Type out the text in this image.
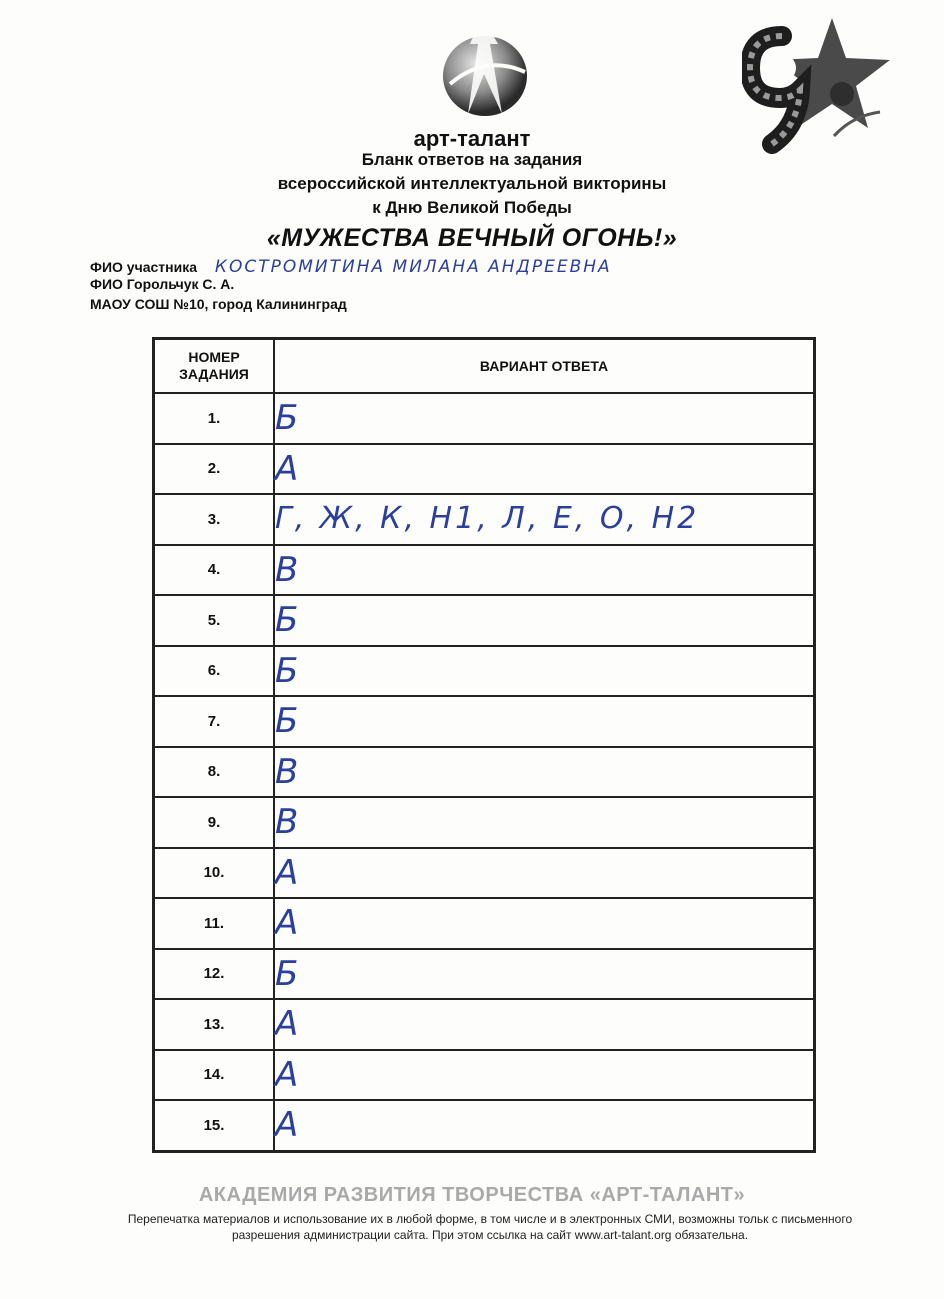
арт-талант
Бланк ответов на задания
всероссийской интеллектуальной викторины
к Дню Великой Победы
«МУЖЕСТВА ВЕЧНЫЙ ОГОНЬ!»
ФИО участника КОСТРОМИТИНА МИЛАНА АНДРЕЕВНА
ФИО Горольчук С. А.
МАОУ СОШ №10, город Калининград
НОМЕР ЗАДАНИЯ	ВАРИАНТ ОТВЕТА
1.	Б
2.	А
3.	Г, Ж, К, Н1, Л, Е, О, Н2
4.	В
5.	Б
6.	Б
7.	Б
8.	В
9.	В
10.	А
11.	А
12.	Б
13.	А
14.	А
15.	А
АКАДЕМИЯ РАЗВИТИЯ ТВОРЧЕСТВА «АРТ-ТАЛАНТ»
Перепечатка материалов и использование их в любой форме, в том числе и в электронных СМИ, возможны тольк с письменного разрешения администрации сайта. При этом ссылка на сайт www.art-talant.org обязательна.
